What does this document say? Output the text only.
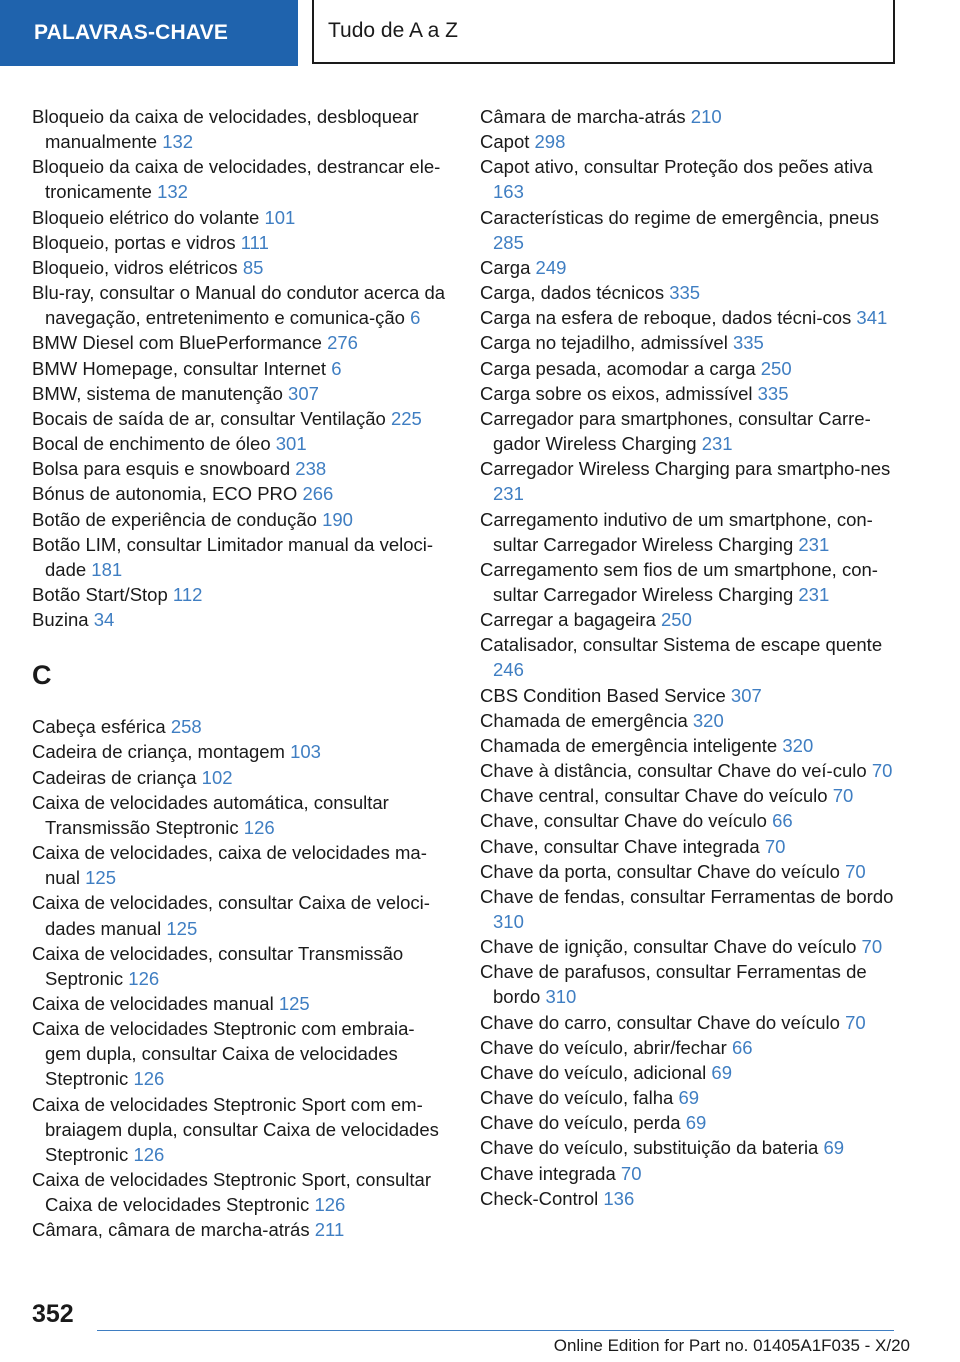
PALAVRAS-CHAVE	Tudo de A a Z
Bloqueio da caixa de velocidades, desbloquear manualmente 132
Bloqueio da caixa de velocidades, destrancar ele-tronicamente 132
Bloqueio elétrico do volante 101
Bloqueio, portas e vidros 111
Bloqueio, vidros elétricos 85
Blu-ray, consultar o Manual do condutor acerca da navegação, entretenimento e comunica-ção 6
BMW Diesel com BluePerformance 276
BMW Homepage, consultar Internet 6
BMW, sistema de manutenção 307
Bocais de saída de ar, consultar Ventilação 225
Bocal de enchimento de óleo 301
Bolsa para esquis e snowboard 238
Bónus de autonomia, ECO PRO 266
Botão de experiência de condução 190
Botão LIM, consultar Limitador manual da veloci-dade 181
Botão Start/Stop 112
Buzina 34
C
Cabeça esférica 258
Cadeira de criança, montagem 103
Cadeiras de criança 102
Caixa de velocidades automática, consultar Transmissão Steptronic 126
Caixa de velocidades, caixa de velocidades ma-nual 125
Caixa de velocidades, consultar Caixa de veloci-dades manual 125
Caixa de velocidades, consultar Transmissão Septronic 126
Caixa de velocidades manual 125
Caixa de velocidades Steptronic com embraia-gem dupla, consultar Caixa de velocidades Steptronic 126
Caixa de velocidades Steptronic Sport com em-braiagem dupla, consultar Caixa de velocidades Steptronic 126
Caixa de velocidades Steptronic Sport, consultar Caixa de velocidades Steptronic 126
Câmara, câmara de marcha-atrás 211
Câmara de marcha-atrás 210
Capot 298
Capot ativo, consultar Proteção dos peões ativa 163
Características do regime de emergência, pneus 285
Carga 249
Carga, dados técnicos 335
Carga na esfera de reboque, dados técni-cos 341
Carga no tejadilho, admissível 335
Carga pesada, acomodar a carga 250
Carga sobre os eixos, admissível 335
Carregador para smartphones, consultar Carre-gador Wireless Charging 231
Carregador Wireless Charging para smartpho-nes 231
Carregamento indutivo de um smartphone, con-sultar Carregador Wireless Charging 231
Carregamento sem fios de um smartphone, con-sultar Carregador Wireless Charging 231
Carregar a bagageira 250
Catalisador, consultar Sistema de escape quente 246
CBS Condition Based Service 307
Chamada de emergência 320
Chamada de emergência inteligente 320
Chave à distância, consultar Chave do veí-culo 70
Chave central, consultar Chave do veículo 70
Chave, consultar Chave do veículo 66
Chave, consultar Chave integrada 70
Chave da porta, consultar Chave do veículo 70
Chave de fendas, consultar Ferramentas de bordo 310
Chave de ignição, consultar Chave do veículo 70
Chave de parafusos, consultar Ferramentas de bordo 310
Chave do carro, consultar Chave do veículo 70
Chave do veículo, abrir/fechar 66
Chave do veículo, adicional 69
Chave do veículo, falha 69
Chave do veículo, perda 69
Chave do veículo, substituição da bateria 69
Chave integrada 70
Check-Control 136
352
Online Edition for Part no. 01405A1F035 - X/20
